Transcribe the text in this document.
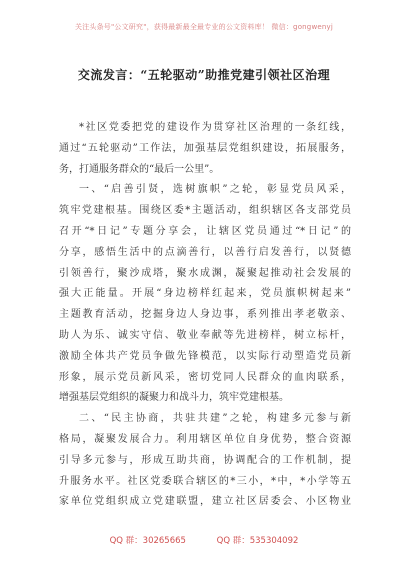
关注头条号"公文研究"，获得最新最全最专业的公文资料库！ 微信：gongwenyj
交流发言：“五轮驱动”助推党建引领社区治理
*社区党委把党的建设作为贯穿社区治理的一条红线，
通过“五轮驱动”工作法，加强基层党组织建设，拓展服务，
务，打通服务群众的“最后一公里”。
一、“启善引贤，选树旗帜”之轮，彰显党员风采，
筑牢党建根基。围绕区委*主题活动，组织辖区各支部党员
召开“*日记”专题分享会，让辖区党员通过“*日记”的
分享，感悟生活中的点滴善行，以善行启发善行，以贤德
引领善行，聚沙成塔，聚水成渊，凝聚起推动社会发展的
强大正能量。开展“身边榜样红起来，党员旗帜树起来”
主题教育活动，挖掘身边人身边事，系列推出孝老敬亲、
助人为乐、诚实守信、敬业奉献等先进榜样，树立标杆，
激励全体共产党员争做先锋模范，以实际行动塑造党员新
形象，展示党员新风采，密切党同人民群众的血肉联系，
增强基层党组织的凝聚力和战斗力，筑牢党建根基。
二、“民主协商，共驻共建”之轮，构建多元参与新
格局，凝聚发展合力。利用辖区单位自身优势，整合资源
引导多元参与，形成互助共商，协调配合的工作机制，提
升服务水平。社区党委联合辖区的*三小，*中，*小学等五
家单位党组织成立党建联盟，建立社区居委会、小区物业
QQ 群：30265665	QQ 群：535304092
